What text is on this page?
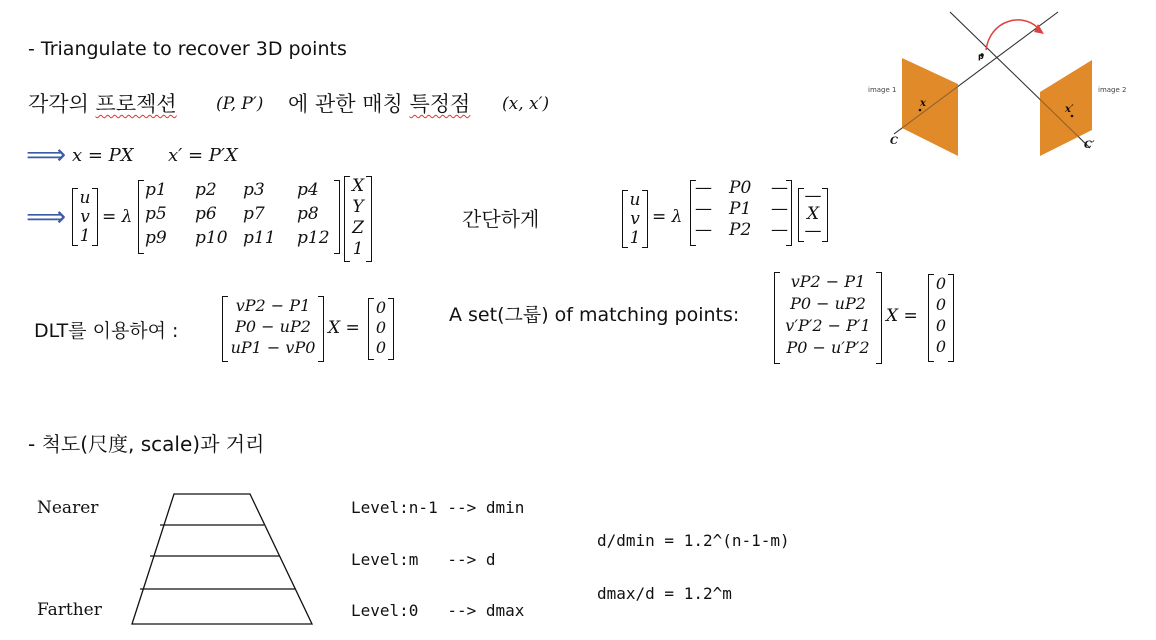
- Triangulate to recover 3D points
각각의 프로젝션 (P, P′) 에 관한 매칭 특정점 (x, x′)
⟹ x = PX x′ = P′X
⟹
u
v
1
= λ
p1 p2 p3 p4
p5 p6 p7 p8
p9 p10 p11 p12
X
Y
Z
1
간단하게
u
v
1
= λ
— P0 —
— P1 —
— P2 —
—
X
—
DLT를 이용하여 :
vP2 − P1
P0 − uP2
uP1 − vP0
X =
0
0
0
A set(그룹) of matching points:
vP2 − P1
P0 − uP2
v′P′2 − P′1
P0 − u′P′2
X =
0
0
0
0
- 척도(尺度, scale)과 거리
Nearer
Farther
Level:n-1 --> dmin
Level:m   --> d
Level:0   --> dmax
d/dmin = 1.2^(n-1-m)
dmax/d = 1.2^m
p
image 1	image 2
x
x′
C	C′
